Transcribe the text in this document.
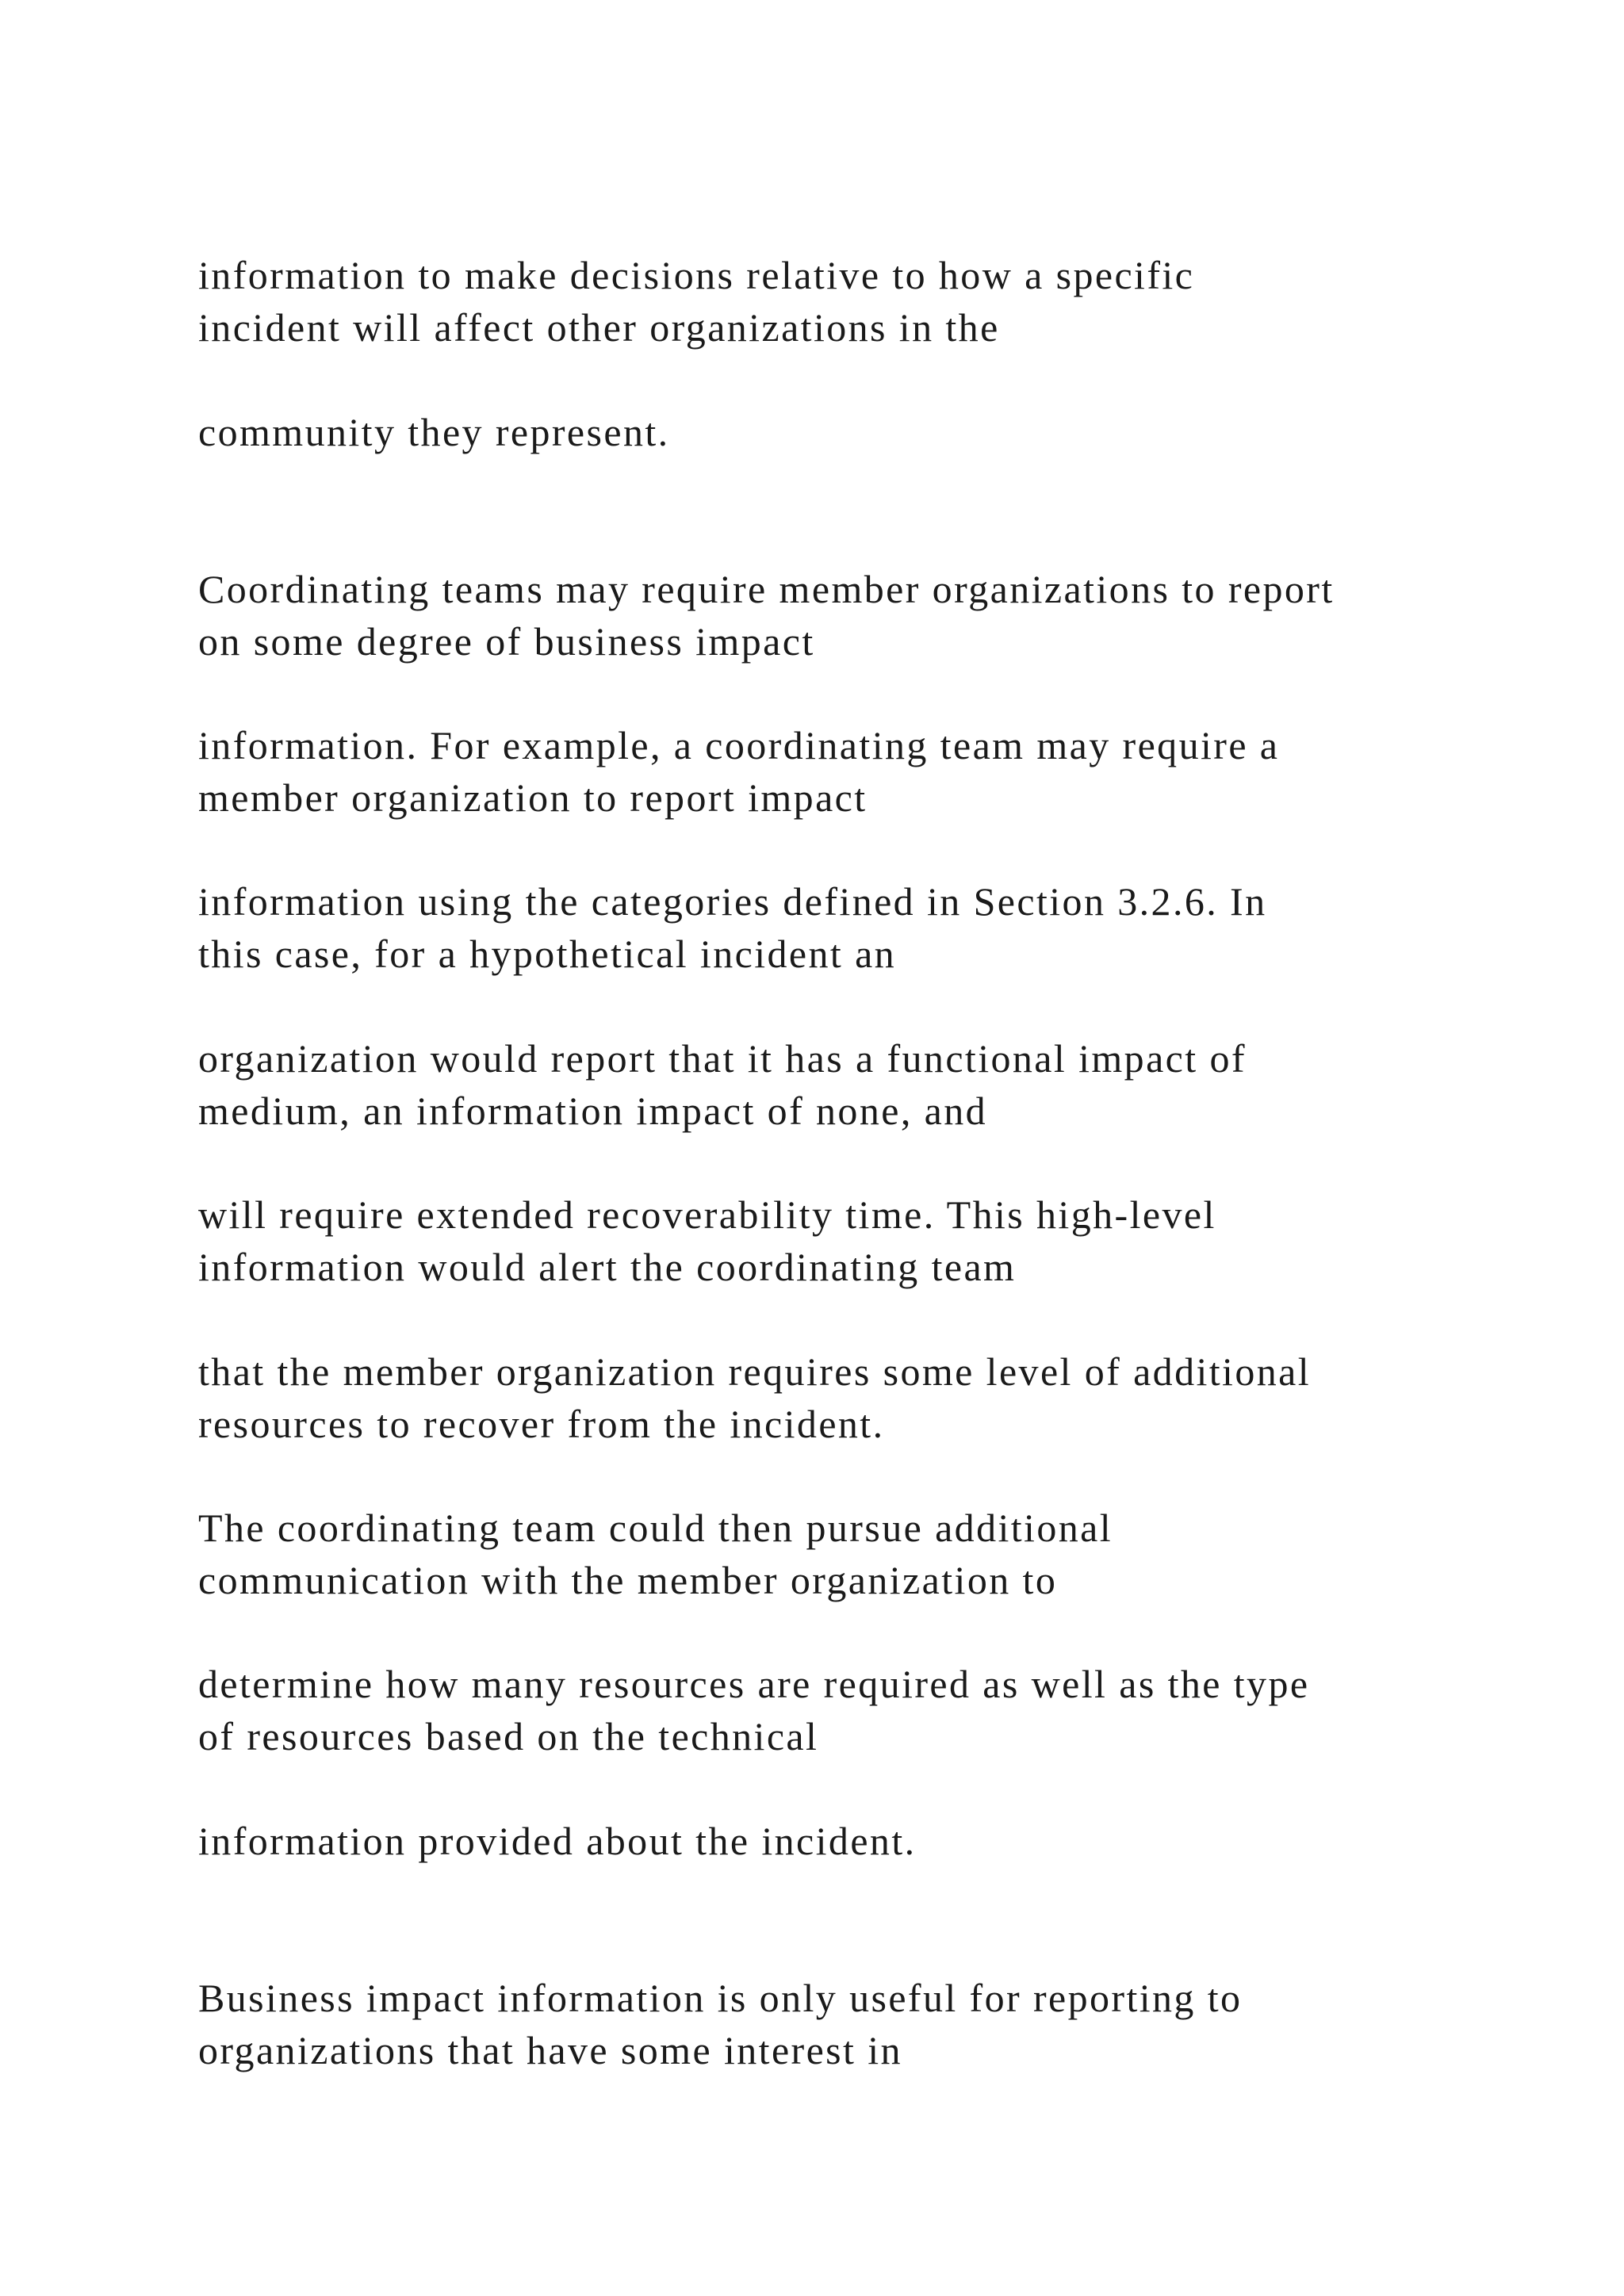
information to make decisions relative to how a specific
incident will affect other organizations in the

community they represent.

Coordinating teams may require member organizations to report
on some degree of business impact

information. For example, a coordinating team may require a
member organization to report impact

information using the categories defined in Section 3.2.6. In
this case, for a hypothetical incident an

organization would report that it has a functional impact of
medium, an information impact of none, and

will require extended recoverability time. This high-level
information would alert the coordinating team

that the member organization requires some level of additional
resources to recover from the incident.

The coordinating team could then pursue additional
communication with the member organization to

determine how many resources are required as well as the type
of resources based on the technical

information provided about the incident.

Business impact information is only useful for reporting to
organizations that have some interest in
